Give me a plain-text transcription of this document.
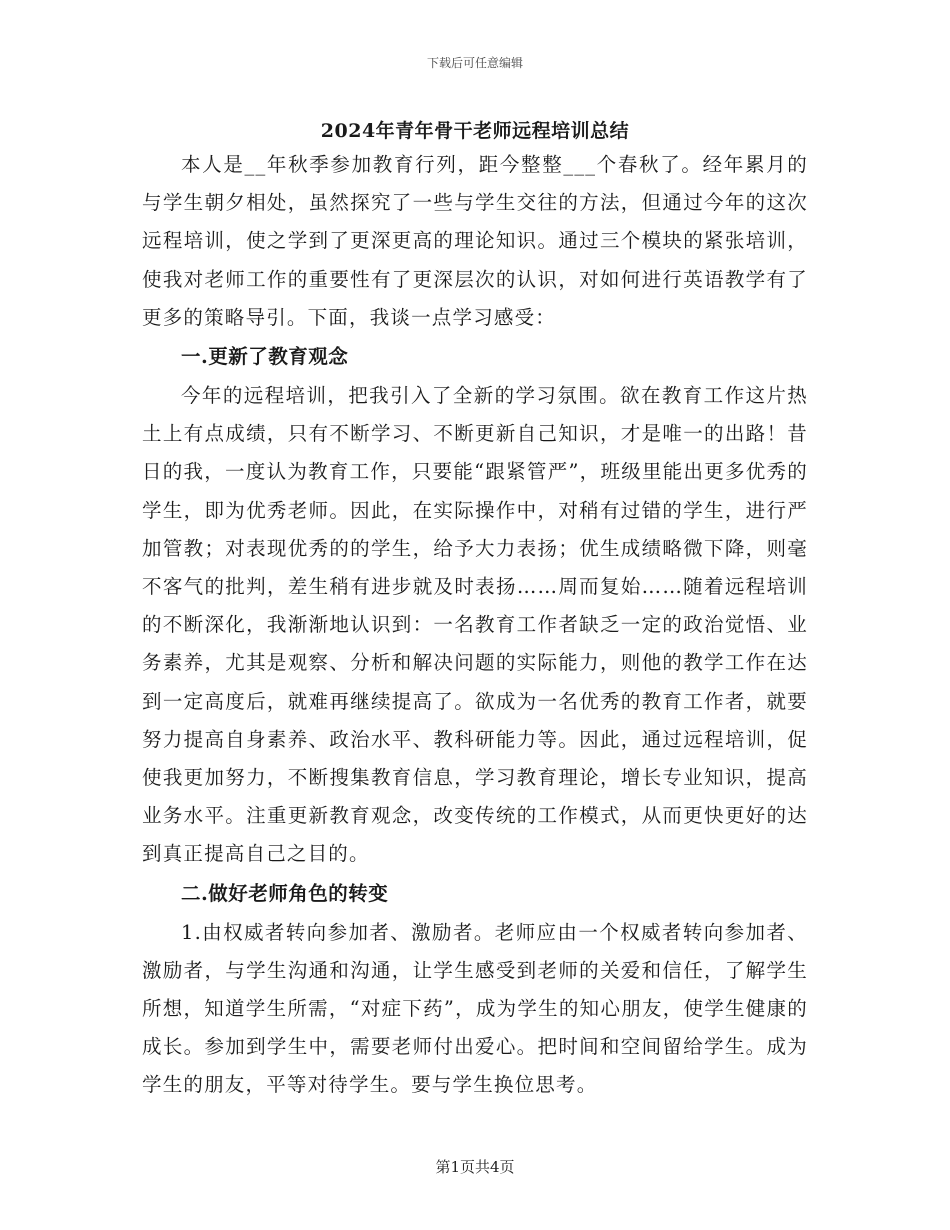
下载后可任意编辑
2024年青年骨干老师远程培训总结

本人是__年秋季参加教育行列，距今整整___个春秋了。经年累月的与学生朝夕相处，虽然探究了一些与学生交往的方法，但通过今年的这次远程培训，使之学到了更深更高的理论知识。通过三个模块的紧张培训，使我对老师工作的重要性有了更深层次的认识，对如何进行英语教学有了更多的策略导引。下面，我谈一点学习感受：

一.更新了教育观念

今年的远程培训，把我引入了全新的学习氛围。欲在教育工作这片热土上有点成绩，只有不断学习、不断更新自己知识，才是唯一的出路！昔日的我，一度认为教育工作，只要能“跟紧管严”，班级里能出更多优秀的学生，即为优秀老师。因此，在实际操作中，对稍有过错的学生，进行严加管教；对表现优秀的的学生，给予大力表扬；优生成绩略微下降，则毫不客气的批判，差生稍有进步就及时表扬……周而复始……随着远程培训的不断深化，我渐渐地认识到：一名教育工作者缺乏一定的政治觉悟、业务素养，尤其是观察、分析和解决问题的实际能力，则他的教学工作在达到一定高度后，就难再继续提高了。欲成为一名优秀的教育工作者，就要努力提高自身素养、政治水平、教科研能力等。因此，通过远程培训，促使我更加努力，不断搜集教育信息，学习教育理论，增长专业知识，提高业务水平。注重更新教育观念，改变传统的工作模式，从而更快更好的达到真正提高自己之目的。

二.做好老师角色的转变

1.由权威者转向参加者、激励者。老师应由一个权威者转向参加者、激励者，与学生沟通和沟通，让学生感受到老师的关爱和信任，了解学生所想，知道学生所需，“对症下药”，成为学生的知心朋友，使学生健康的成长。参加到学生中，需要老师付出爱心。把时间和空间留给学生。成为学生的朋友，平等对待学生。要与学生换位思考。

第1页共4页
